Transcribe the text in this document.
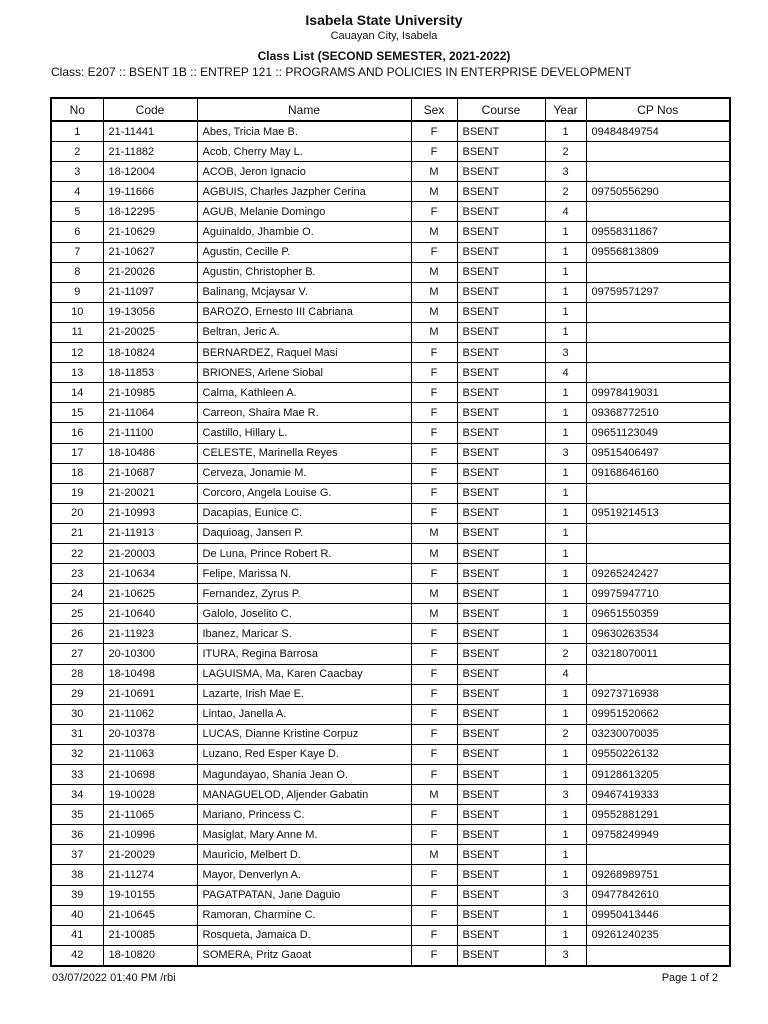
Isabela State University
Cauayan City, Isabela
Class List (SECOND SEMESTER, 2021-2022)
Class: E207 :: BSENT 1B :: ENTREP 121 :: PROGRAMS AND POLICIES IN ENTERPRISE DEVELOPMENT
No	Code	Name	Sex	Course	Year	CP Nos
1	21-11441	Abes, Tricia Mae B.	F	BSENT	1	09484849754
2	21-11882	Acob, Cherry May L.	F	BSENT	2	
3	18-12004	ACOB, Jeron Ignacio	M	BSENT	3	
4	19-11666	AGBUIS, Charles Jazpher Cerina	M	BSENT	2	09750556290
5	18-12295	AGUB, Melanie Domingo	F	BSENT	4	
6	21-10629	Aguinaldo, Jhambie O.	M	BSENT	1	09558311867
7	21-10627	Agustin, Cecille P.	F	BSENT	1	09556813809
8	21-20026	Agustin, Christopher B.	M	BSENT	1	
9	21-11097	Balinang, Mcjaysar V.	M	BSENT	1	09759571297
10	19-13056	BAROZO, Ernesto III Cabriana	M	BSENT	1	
11	21-20025	Beltran, Jeric A.	M	BSENT	1	
12	18-10824	BERNARDEZ, Raquel Masi	F	BSENT	3	
13	18-11853	BRIONES, Arlene Siobal	F	BSENT	4	
14	21-10985	Calma, Kathleen A.	F	BSENT	1	09978419031
15	21-11064	Carreon, Shaira Mae R.	F	BSENT	1	09368772510
16	21-11100	Castillo, Hillary L.	F	BSENT	1	09651123049
17	18-10486	CELESTE, Marinella Reyes	F	BSENT	3	09515406497
18	21-10687	Cerveza, Jonamie M.	F	BSENT	1	09168646160
19	21-20021	Corcoro, Angela Louise G.	F	BSENT	1	
20	21-10993	Dacapias, Eunice C.	F	BSENT	1	09519214513
21	21-11913	Daquioag, Jansen P.	M	BSENT	1	
22	21-20003	De Luna, Prince Robert R.	M	BSENT	1	
23	21-10634	Felipe, Marissa N.	F	BSENT	1	09265242427
24	21-10625	Fernandez, Zyrus P.	M	BSENT	1	09975947710
25	21-10640	Galolo, Joselito C.	M	BSENT	1	09651550359
26	21-11923	Ibanez, Maricar S.	F	BSENT	1	09630263534
27	20-10300	ITURA, Regina Barrosa	F	BSENT	2	03218070011
28	18-10498	LAGUISMA, Ma, Karen Caacbay	F	BSENT	4	
29	21-10691	Lazarte, Irish Mae E.	F	BSENT	1	09273716938
30	21-11062	Lintao, Janella A.	F	BSENT	1	09951520662
31	20-10378	LUCAS, Dianne Kristine Corpuz	F	BSENT	2	03230070035
32	21-11063	Luzano, Red Esper Kaye D.	F	BSENT	1	09550226132
33	21-10698	Magundayao, Shania Jean O.	F	BSENT	1	09128613205
34	19-10028	MANAGUELOD, Aljender Gabatin	M	BSENT	3	09467419333
35	21-11065	Mariano, Princess C.	F	BSENT	1	09552881291
36	21-10996	Masiglat, Mary Anne M.	F	BSENT	1	09758249949
37	21-20029	Mauricio, Melbert D.	M	BSENT	1	
38	21-11274	Mayor, Denverlyn A.	F	BSENT	1	09268989751
39	19-10155	PAGATPATAN, Jane Daguio	F	BSENT	3	09477842610
40	21-10645	Ramoran, Charmine C.	F	BSENT	1	09950413446
41	21-10085	Rosqueta, Jamaica D.	F	BSENT	1	09261240235
42	18-10820	SOMERA, Pritz Gaoat	F	BSENT	3	
03/07/2022 01:40 PM /rbi	Page 1 of 2
